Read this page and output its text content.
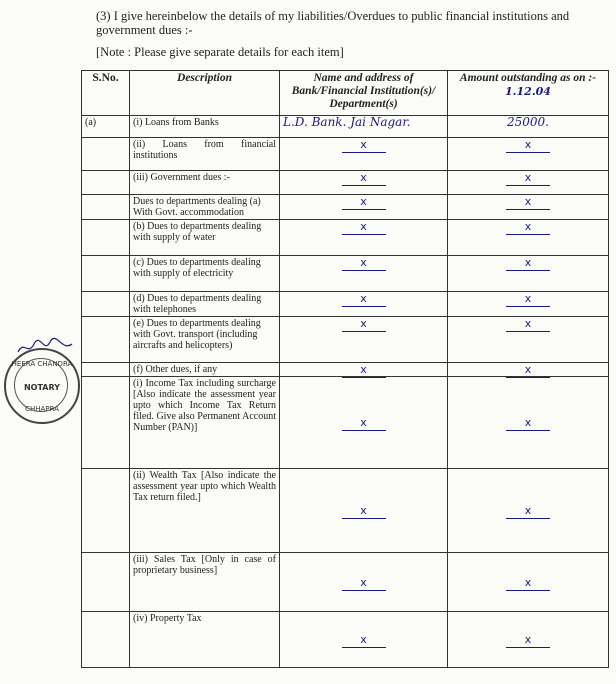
(3) I give hereinbelow the details of my liabilities/Overdues to public financial institutions and government dues :-
[Note : Please give separate details for each item]
HEERA CHANDRA
NOTARY
CHHAPRA
S.No.	Description	Name and address of Bank/Financial Institution(s)/ Department(s)	Amount outstanding as on :- 1.12.04
(a)	(i) Loans from Banks	L.D. Bank. Jai Nagar.	25000.
	(ii) Loans from financial institutions	x	x

	(iii) Government dues :-	x	x

	Dues to departments dealing (a) With Govt. accommodation	x	x

	(b) Dues to departments dealing with supply of water	x	x

	(c) Dues to departments dealing with supply of electricity	x	x

	(d) Dues to departments dealing with telephones	x	x

	(e) Dues to departments dealing with Govt. transport (including aircrafts and helicopters)	x	x

	(f) Other dues, if any	x	x

	(i) Income Tax including surcharge [Also indicate the assessment year upto which Income Tax Return filed. Give also Permanent Account Number (PAN)]	x	x

	(ii) Wealth Tax [Also indicate the assessment year upto which Wealth Tax return filed.]	x	x

	(iii) Sales Tax [Only in case of proprietary business]	x	x

	(iv) Property Tax	x	x
